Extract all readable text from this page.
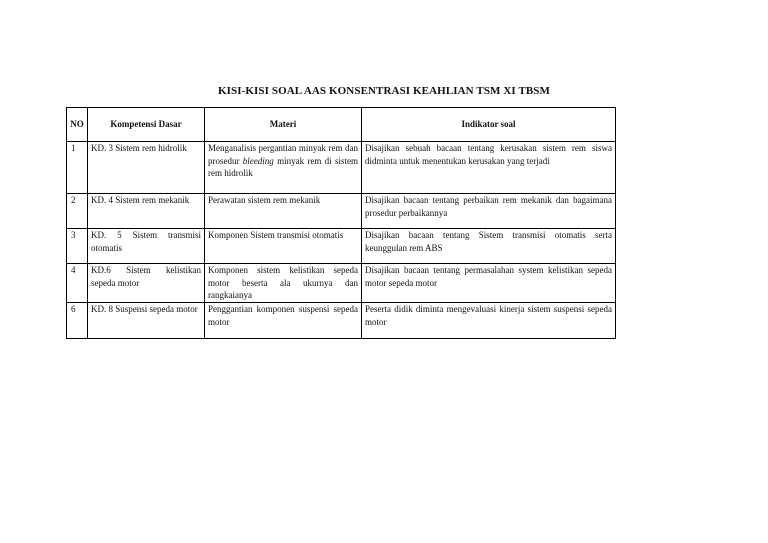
KISI-KISI SOAL AAS KONSENTRASI KEAHLIAN TSM XI TBSM
NO	Kompetensi Dasar	Materi	Indikator soal
1	KD. 3 Sistem rem hidrolik	Menganalisis pergantian minyak rem dan prosedur bleeding minyak rem di sistem rem hidrolik	Disajikan sebuah bacaan tentang kerusakan sistem rem siswa didminta untuk menentukan kerusakan yang terjadi
2	KD. 4 Sistem rem mekanik	Perawatan sistem rem mekanik	Disajikan bacaan tentang perbaikan rem mekanik dan bagaimana prosedur perbaikannya
3	KD. 5 Sistem transmisi otomatis	Komponen Sistem transmisi otomatis	Disajikan bacaan tentang Sistem transmisi otomatis serta keunggulan rem ABS
4	KD.6 Sistem kelistikan sepeda motor	Komponen sistem kelistikan sepeda motor beserta ala ukurnya dan rangkaianya	Disajikan bacaan tentang permasalahan system kelistikan sepeda motor sepeda motor
6	KD. 8 Suspensi sepeda motor	Penggantian komponen suspensi sepeda motor	Peserta didik diminta mengevaluasi kinerja sistem suspensi sepeda motor
